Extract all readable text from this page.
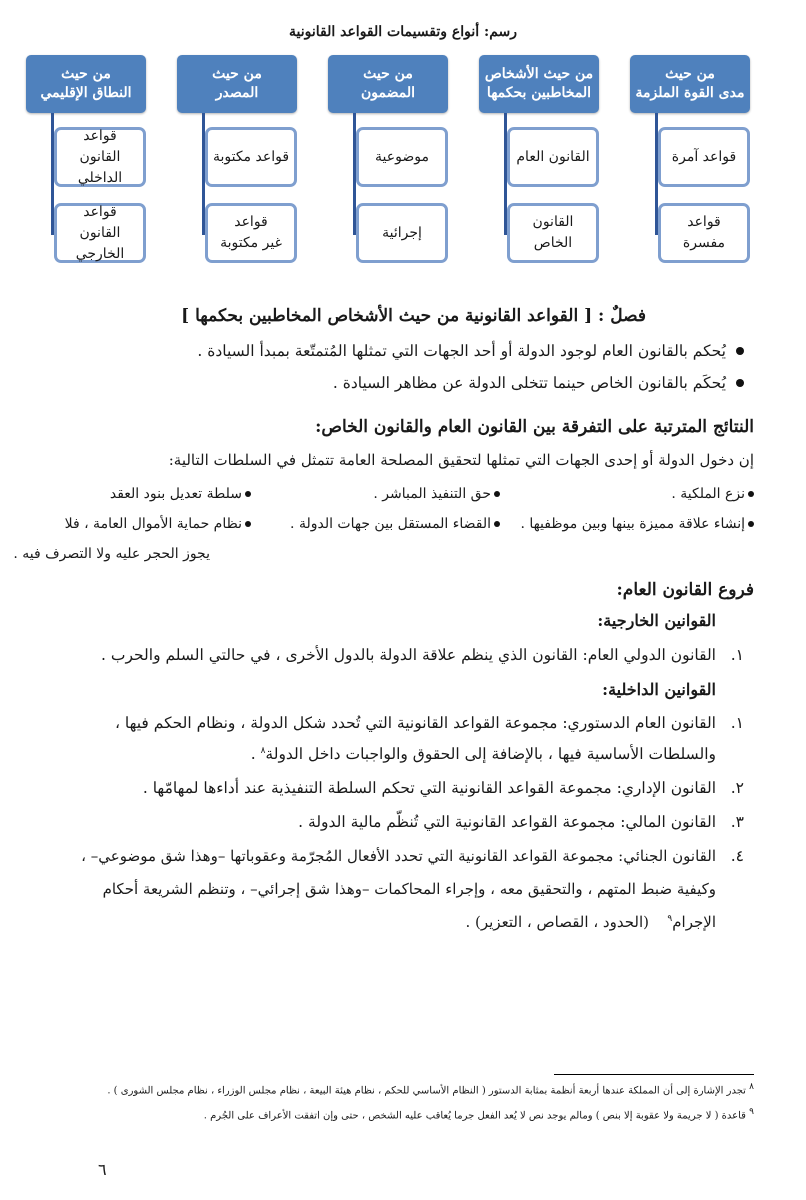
رسم: أنواع وتقسيمات القواعد القانونية
من حيث
مدى القوة الملزمة
قواعد آمرة
قواعد مفسرة
من حيث الأشخاص
المخاطبين بحكمها
القانون العام
القانون الخاص
من حيث
المضمون
موضوعية
إجرائية
من حيث
المصدر
قواعد مكتوبة
قواعد
غير مكتوبة
من حيث
النطاق الإقليمي
قواعد
القانون الداخلي
قواعد
القانون الخارجي
فصلٌ : [ القواعد القانونية من حيث الأشخاص المخاطبين بحكمها ]
يُحكم بالقانون العام لوجود الدولة أو أحد الجهات التي تمثلها المُتمتّعة بمبدأ السيادة .
يُحكَم بالقانون الخاص حينما تتخلى الدولة عن مظاهر السيادة .
النتائج المترتبة على التفرقة بين القانون العام والقانون الخاص:
إن دخول الدولة أو إحدى الجهات التي تمثلها لتحقيق المصلحة العامة تتمثل في السلطات التالية:
نزع الملكية .
حق التنفيذ المباشر .
سلطة تعديل بنود العقد
إنشاء علاقة مميزة بينها وبين موظفيها .
القضاء المستقل بين جهات الدولة .
نظام حماية الأموال العامة ، فلا
يجوز الحجر عليه ولا التصرف فيه .
فروع القانون العام:
القوانين الخارجية:
١.
القانون الدولي العام: القانون الذي ينظم علاقة الدولة بالدول الأخرى ، في حالتي السلم والحرب .
القوانين الداخلية:
١.
القانون العام الدستوري: مجموعة القواعد القانونية التي تُحدد شكل الدولة ، ونظام الحكم فيها ،
والسلطات الأساسية فيها ، بالإضافة إلى الحقوق والواجبات داخل الدولة$^٨$ .
٢.
القانون الإداري: مجموعة القواعد القانونية التي تحكم السلطة التنفيذية عند أداءها لمهامّها .
٣.
القانون المالي: مجموعة القواعد القانونية التي تُنظّم مالية الدولة .
٤.
القانون الجنائي: مجموعة القواعد القانونية التي تحدد الأفعال المُجرّمة وعقوباتها –وهذا شق موضوعي– ،
وكيفية ضبط المتهم ، والتحقيق معه ، وإجراء المحاكمات –وهذا شق إجرائي– ، وتنظم الشريعة أحكام
الإجرام$^٩$
(الحدود ، القصاص ، التعزير) .
$^٨$ تجدر الإشارة إلى أن المملكة عندها أربعة أنظمة بمثابة الدستور ( النظام الأساسي للحكم ، نظام هيئة البيعة ، نظام مجلس الوزراء ، نظام مجلس الشورى ) .
$^٩$ قاعدة ( لا جريمة ولا عقوبة إلا بنص ) ومالم يوجد نص لا يُعد الفعل جرما يُعاقب عليه الشخص ، حتى وإن اتفقت الأعراف على الجُرم .
٦
